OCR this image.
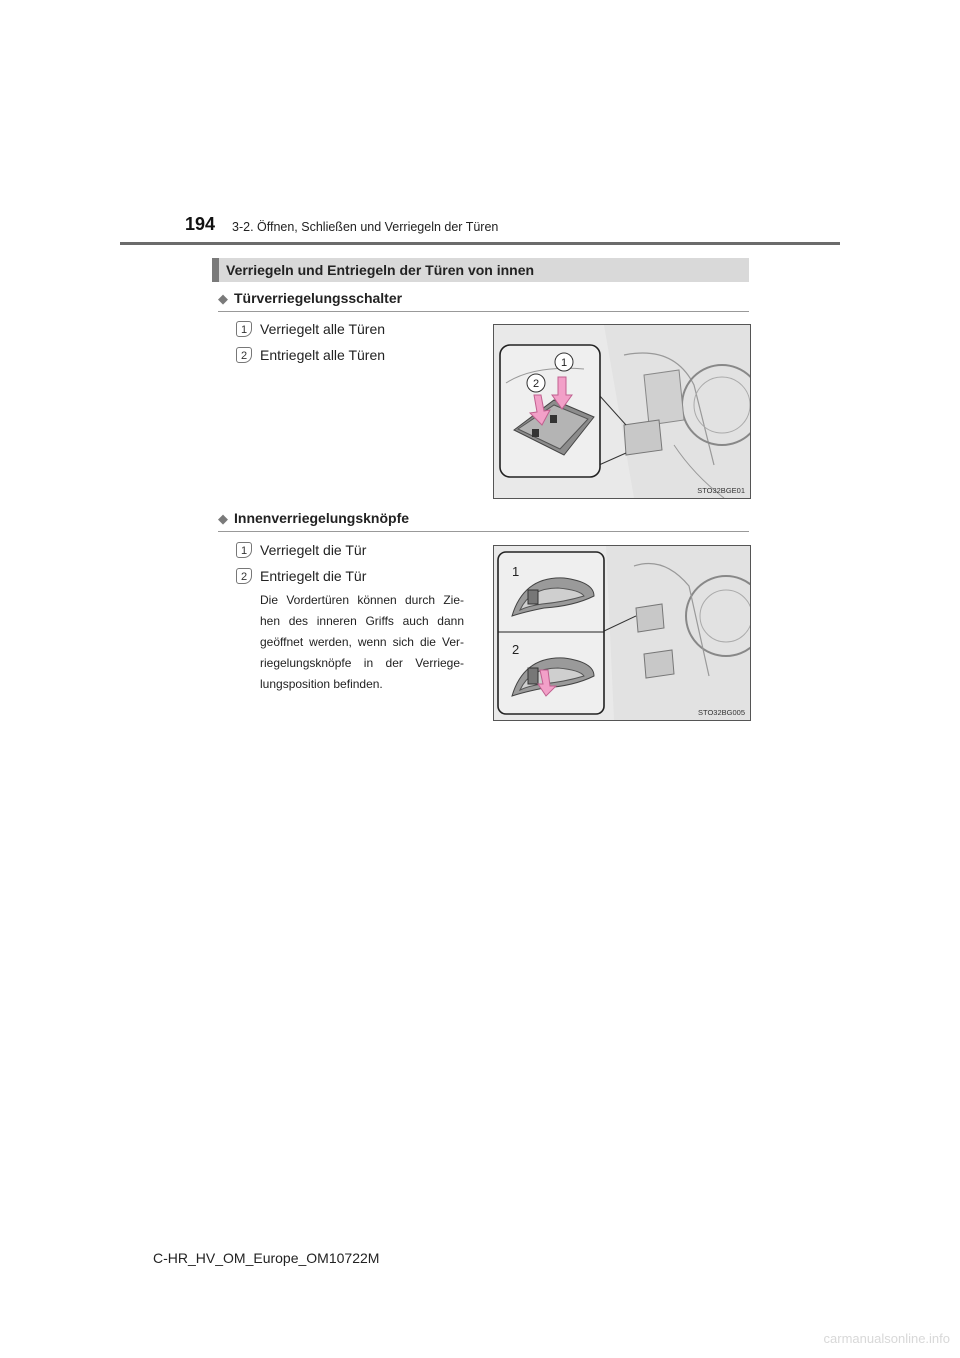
194 3-2. Öffnen, Schließen und Verriegeln der Türen
Verriegeln und Entriegeln der Türen von innen
◆ Türverriegelungsschalter
1 Verriegelt alle Türen
2 Entriegelt alle Türen	1
2
STO32BGE01
◆ Innenverriegelungsknöpfe
1 Verriegelt die Tür
2 Entriegelt die Tür
Die Vordertüren können durch Zie-hen des inneren Griffs auch dann geöffnet werden, wenn sich die Ver-riegelungsknöpfe in der Verriege-lungsposition befinden.
1
2
STO32BG005
C-HR_HV_OM_Europe_OM10722M
carmanualsonline.info
